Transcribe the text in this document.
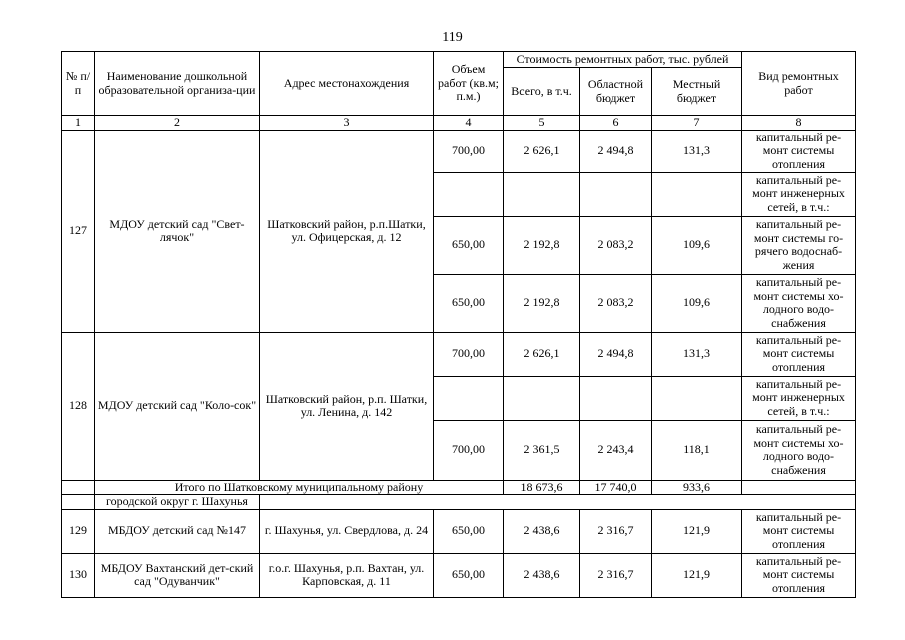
119
№ п/п	Наименование дошкольной образовательной организа-ции	Адрес местонахождения	Объем работ (кв.м; п.м.)	Стоимость ремонтных работ, тыс. рублей			Вид ремонтных работ
				Всего, в т.ч.	Областной бюджет	Местный бюджет	
1	2	3	4	5	6	7	8
127	МДОУ детский сад "Свет-лячок"	Шатковский район, р.п.Шатки, ул. Офицерская, д. 12	700,00	2 626,1	2 494,8	131,3	капитальный ре-
монт системы
отопления
							капитальный ре-
монт инженерных
сетей, в т.ч.:
			650,00	2 192,8	2 083,2	109,6	капитальный ре-
монт системы го-
рячего водоснаб-
жения
			650,00	2 192,8	2 083,2	109,6	капитальный ре-
монт системы хо-
лодного водо-
снабжения
128	МДОУ детский сад "Коло-сок"	Шатковский район, р.п. Шатки, ул. Ленина, д. 142	700,00	2 626,1	2 494,8	131,3	капитальный ре-
монт системы
отопления
							капитальный ре-
монт инженерных
сетей, в т.ч.:
			700,00	2 361,5	2 243,4	118,1	капитальный ре-
монт системы хо-
лодного водо-
снабжения
	Итого по Шатковскому муниципальному району			18 673,6	17 740,0	933,6	
	городской округ г. Шахунья						
129	МБДОУ детский сад №147	г. Шахунья, ул. Свердлова, д. 24	650,00	2 438,6	2 316,7	121,9	капитальный ре-
монт системы
отопления
130	МБДОУ Вахтанский дет-ский сад "Одуванчик"	г.о.г. Шахунья, р.п. Вахтан, ул. Карповская, д. 11	650,00	2 438,6	2 316,7	121,9	капитальный ре-
монт системы
отопления
